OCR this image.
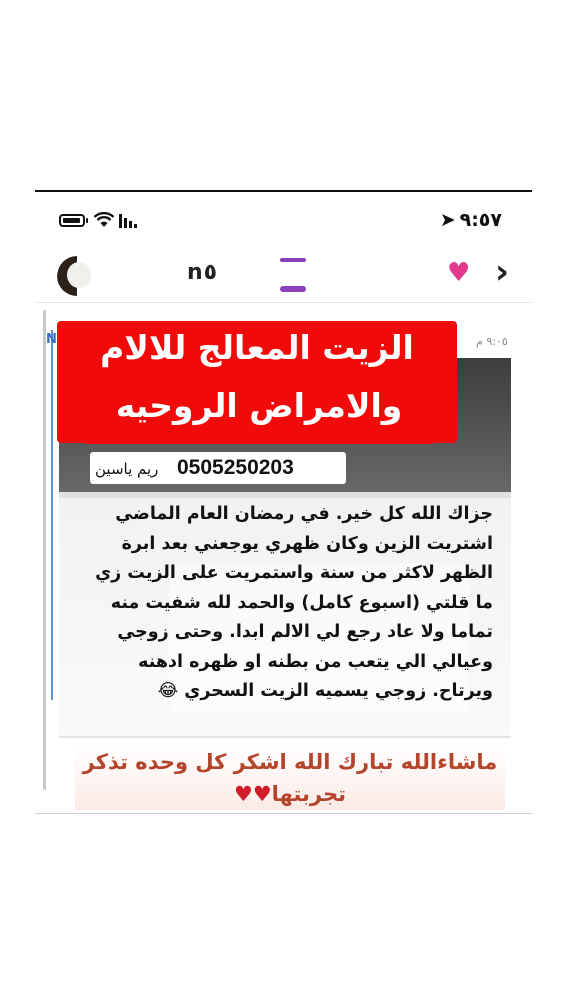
➤ ٩:٥٧
n٥	♥ ›
N	٩:٠٥ م
الزيت المعالج للالام
والامراض الروحيه
0505250203
ريم ياسين

جزاك الله كل خير. في رمضان العام الماضي اشتريت الزين وكان ظهري يوجعني بعد ابرة الظهر لاكثر من سنة واستمريت على الزيت زي ما قلتي (اسبوع كامل) والحمد لله شفيت منه تماما ولا عاد رجع لي الالم ابدا. وحتى زوجي وعيالي الي يتعب من بطنه او ظهره ادهنه ويرتاح. زوجي يسميه الزيت السحري 😂

ماشاءالله تبارك الله اشكر كل وحده تذكر تجربتها♥♥
